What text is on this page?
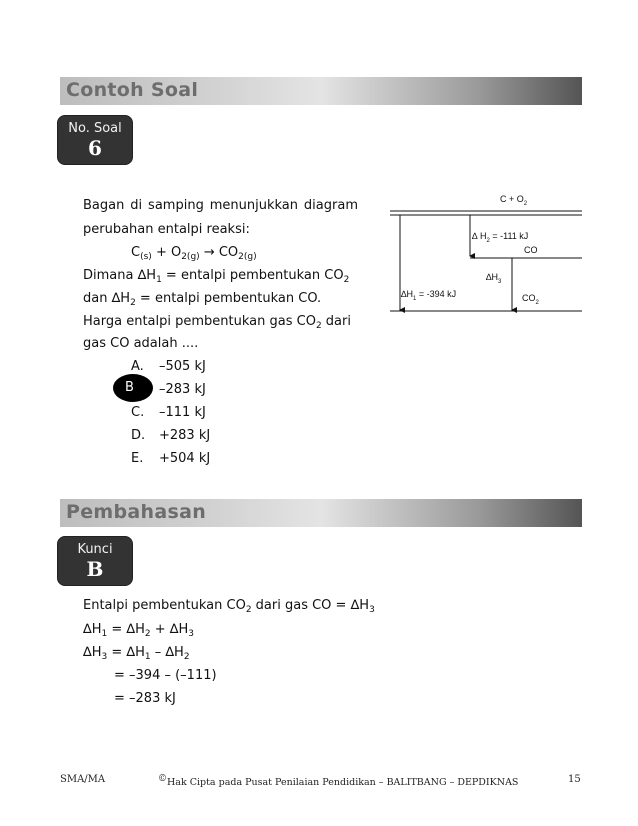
Contoh Soal
No. Soal
6
Bagan di samping menunjukkan diagram
perubahan entalpi reaksi:
$C_{(s)} + O_{2(g)} \to CO_{2(g)}$
Dimana $\Delta H_1$ = entalpi pembentukan $CO_2$
dan $\Delta H_2$ = entalpi pembentukan CO.
Harga entalpi pembentukan gas $CO_2$ dari
gas CO adalah ....
A. –505 kJ
B –283 kJ
C. –111 kJ
D. +283 kJ
E. +504 kJ
$C + O_2$
∆ $H_2 = -111$ kJ
CO
$\Delta H_3$
$\Delta H_1 = -394$ kJ	$CO_2$
Pembahasan
Kunci
B
Entalpi pembentukan $CO_2$ dari gas CO = $\Delta H_3$
$\Delta H_1 = \Delta H_2 + \Delta H_3$
$\Delta H_3 = \Delta H_1 - \Delta H_2$
= –394 – (–111)
= –283 kJ
SMA/MA	©Hak Cipta pada Pusat Penilaian Pendidikan – BALITBANG – DEPDIKNAS	15
